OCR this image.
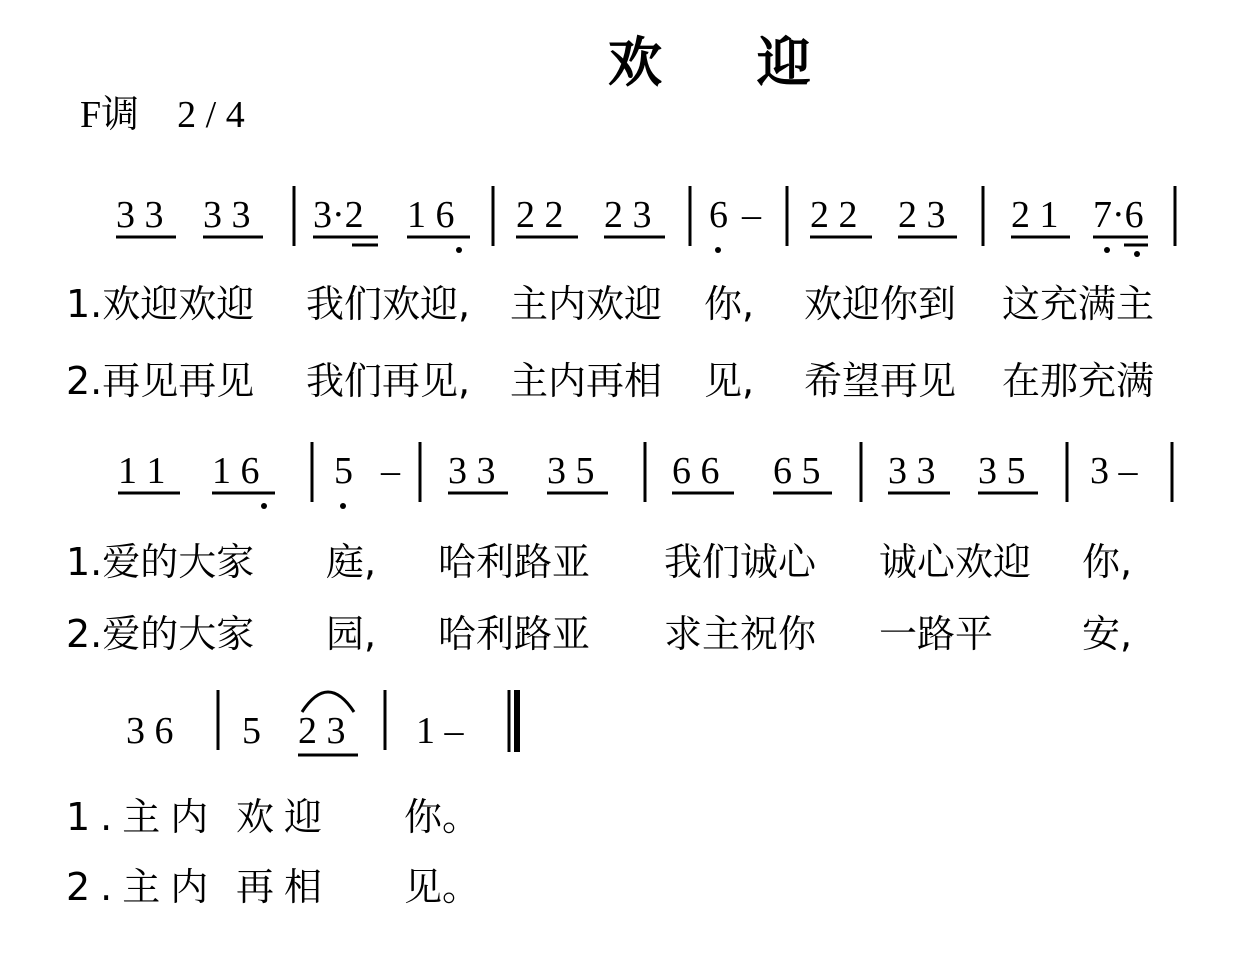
欢 迎
F调　2 / 4
3 3 3 3 3·2 1 6 2 2 2 3 6 – 2 2 2 3 2 1 7·6
1.欢迎欢迎 我们欢迎, 主内欢迎 你, 欢迎你到 这充满主
2.再见再见 我们再见, 主内再相 见, 希望再见 在那充满
1 1 1 6 5 – 3 3 3 5 6 6 6 5 3 3 3 5 3 –
1.爱的大家 庭, 哈利路亚 我们诚心 诚心欢迎 你,
2.爱的大家 园, 哈利路亚 求主祝你 一路平 安,
3 6 5 2 3 1 –
1.主内 欢迎 你。
2.主内 再相 见。
